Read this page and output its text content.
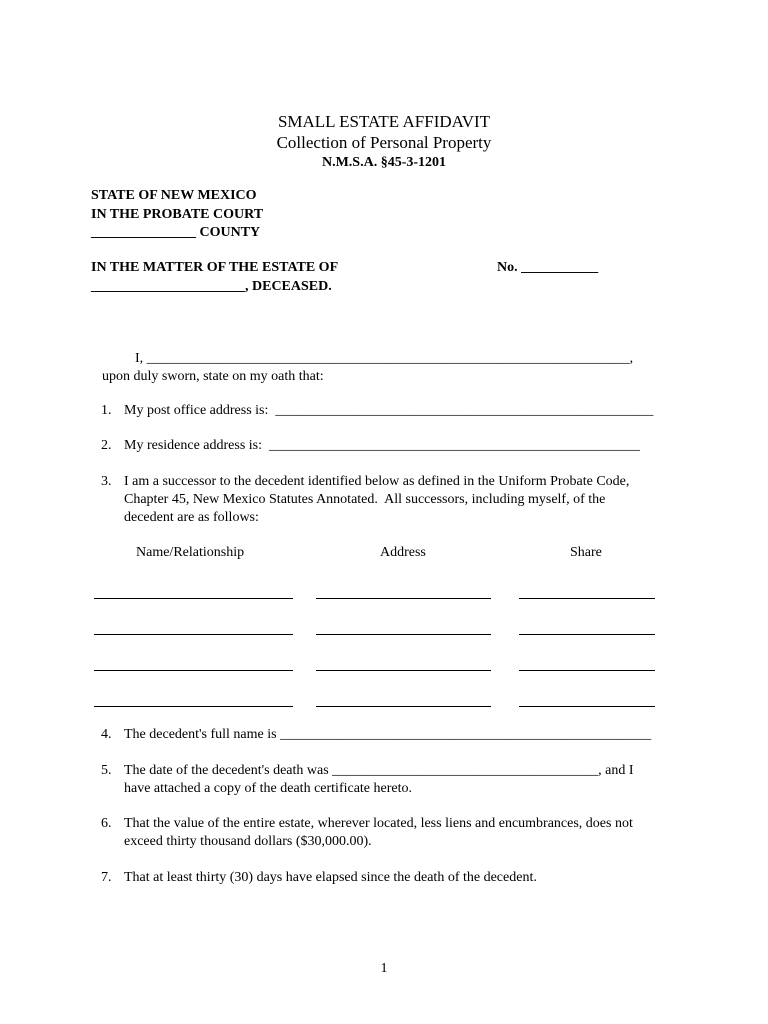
SMALL ESTATE AFFIDAVIT
Collection of Personal Property
N.M.S.A. §45-3-1201
STATE OF NEW MEXICO
IN THE PROBATE COURT
_______________ COUNTY
IN THE MATTER OF THE ESTATE OF	No. ___________
______________________, DECEASED.
I, _____________________________________________________________________,
upon duly sworn, state on my oath that:
1. My post office address is:  ______________________________________________________
2. My residence address is:  _____________________________________________________
3. I am a successor to the decedent identified below as defined in the Uniform Probate Code,
Chapter 45, New Mexico Statutes Annotated.  All successors, including myself, of the
decedent are as follows:
Name/Relationship	Address	Share
4. The decedent's full name is _____________________________________________________
5. The date of the decedent's death was ______________________________________, and I
have attached a copy of the death certificate hereto.
6. That the value of the entire estate, wherever located, less liens and encumbrances, does not
exceed thirty thousand dollars ($30,000.00).
7. That at least thirty (30) days have elapsed since the death of the decedent.
1
